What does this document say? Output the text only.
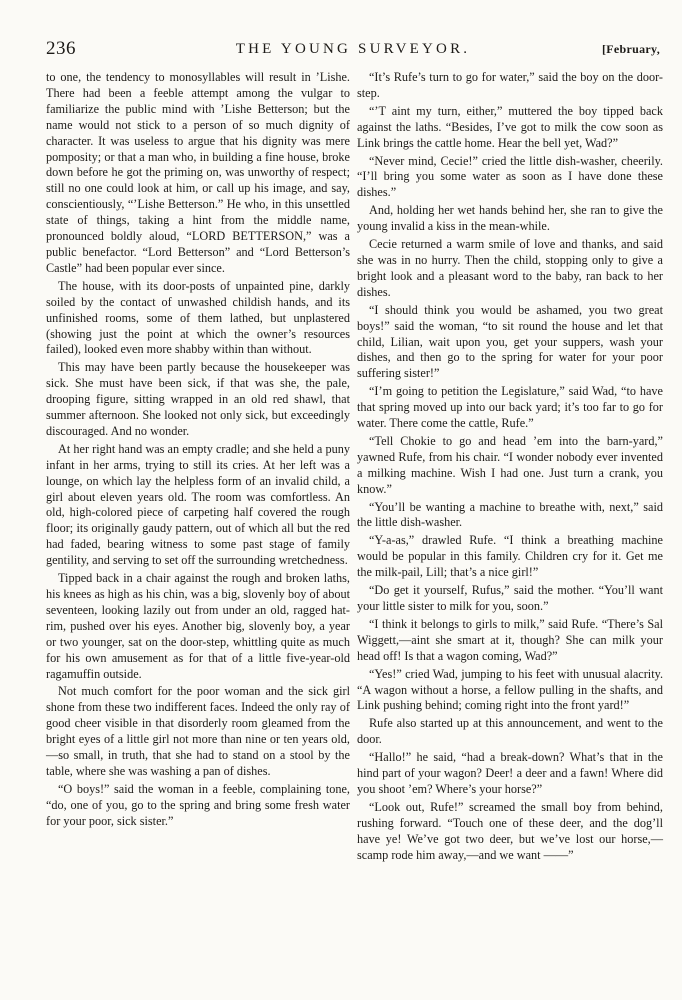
236	THE YOUNG SURVEYOR.	[February,

to one, the tendency to monosyllables will result in ’Lishe. There had been a feeble attempt among the vulgar to familiarize the public mind with ’Lishe Betterson; but the name would not stick to a person of so much dignity of character. It was useless to argue that his dignity was mere pomposity; or that a man who, in building a fine house, broke down before he got the priming on, was unworthy of respect; still no one could look at him, or call up his image, and say, conscientiously, “’Lishe Betterson.” He who, in this unsettled state of things, taking a hint from the middle name, pronounced boldly aloud, “LORD BETTERSON,” was a public benefactor. “Lord Betterson” and “Lord Betterson’s Castle” had been popular ever since.

The house, with its door-posts of unpainted pine, darkly soiled by the contact of unwashed childish hands, and its unfinished rooms, some of them lathed, but unplastered (showing just the point at which the owner’s resources failed), looked even more shabby within than without.

This may have been partly because the housekeeper was sick. She must have been sick, if that was she, the pale, drooping figure, sitting wrapped in an old red shawl, that summer afternoon. She looked not only sick, but exceedingly discouraged. And no wonder.

At her right hand was an empty cradle; and she held a puny infant in her arms, trying to still its cries. At her left was a lounge, on which lay the helpless form of an invalid child, a girl about eleven years old. The room was comfortless. An old, high-colored piece of carpeting half covered the rough floor; its originally gaudy pattern, out of which all but the red had faded, bearing witness to some past stage of family gentility, and serving to set off the surrounding wretchedness.

Tipped back in a chair against the rough and broken laths, his knees as high as his chin, was a big, slovenly boy of about seventeen, looking lazily out from under an old, ragged hat-rim, pushed over his eyes. Another big, slovenly boy, a year or two younger, sat on the door-step, whittling quite as much for his own amusement as for that of a little five-year-old ragamuffin outside.

Not much comfort for the poor woman and the sick girl shone from these two indifferent faces. Indeed the only ray of good cheer visible in that disorderly room gleamed from the bright eyes of a little girl not more than nine or ten years old,—so small, in truth, that she had to stand on a stool by the table, where she was washing a pan of dishes.

“O boys!” said the woman in a feeble, complaining tone, “do, one of you, go to the spring and bring some fresh water for your poor, sick sister.”

“It’s Rufe’s turn to go for water,” said the boy on the door-step.

“’T aint my turn, either,” muttered the boy tipped back against the laths. “Besides, I’ve got to milk the cow soon as Link brings the cattle home. Hear the bell yet, Wad?”

“Never mind, Cecie!” cried the little dish-washer, cheerily. “I’ll bring you some water as soon as I have done these dishes.”

And, holding her wet hands behind her, she ran to give the young invalid a kiss in the mean-while.

Cecie returned a warm smile of love and thanks, and said she was in no hurry. Then the child, stopping only to give a bright look and a pleasant word to the baby, ran back to her dishes.

“I should think you would be ashamed, you two great boys!” said the woman, “to sit round the house and let that child, Lilian, wait upon you, get your suppers, wash your dishes, and then go to the spring for water for your poor suffering sister!”

“I’m going to petition the Legislature,” said Wad, “to have that spring moved up into our back yard; it’s too far to go for water. There come the cattle, Rufe.”

“Tell Chokie to go and head ’em into the barn-yard,” yawned Rufe, from his chair. “I wonder nobody ever invented a milking machine. Wish I had one. Just turn a crank, you know.”

“You’ll be wanting a machine to breathe with, next,” said the little dish-washer.

“Y-a-as,” drawled Rufe. “I think a breathing machine would be popular in this family. Children cry for it. Get me the milk-pail, Lill; that’s a nice girl!”

“Do get it yourself, Rufus,” said the mother. “You’ll want your little sister to milk for you, soon.”

“I think it belongs to girls to milk,” said Rufe. “There’s Sal Wiggett,—aint she smart at it, though? She can milk your head off! Is that a wagon coming, Wad?”

“Yes!” cried Wad, jumping to his feet with unusual alacrity. “A wagon without a horse, a fellow pulling in the shafts, and Link pushing behind; coming right into the front yard!”

Rufe also started up at this announcement, and went to the door.

“Hallo!” he said, “had a break-down? What’s that in the hind part of your wagon? Deer! a deer and a fawn! Where did you shoot ’em? Where’s your horse?”

“Look out, Rufe!” screamed the small boy from behind, rushing forward. “Touch one of these deer, and the dog’ll have ye! We’ve got two deer, but we’ve lost our horse,—scamp rode him away,—and we want ——”
